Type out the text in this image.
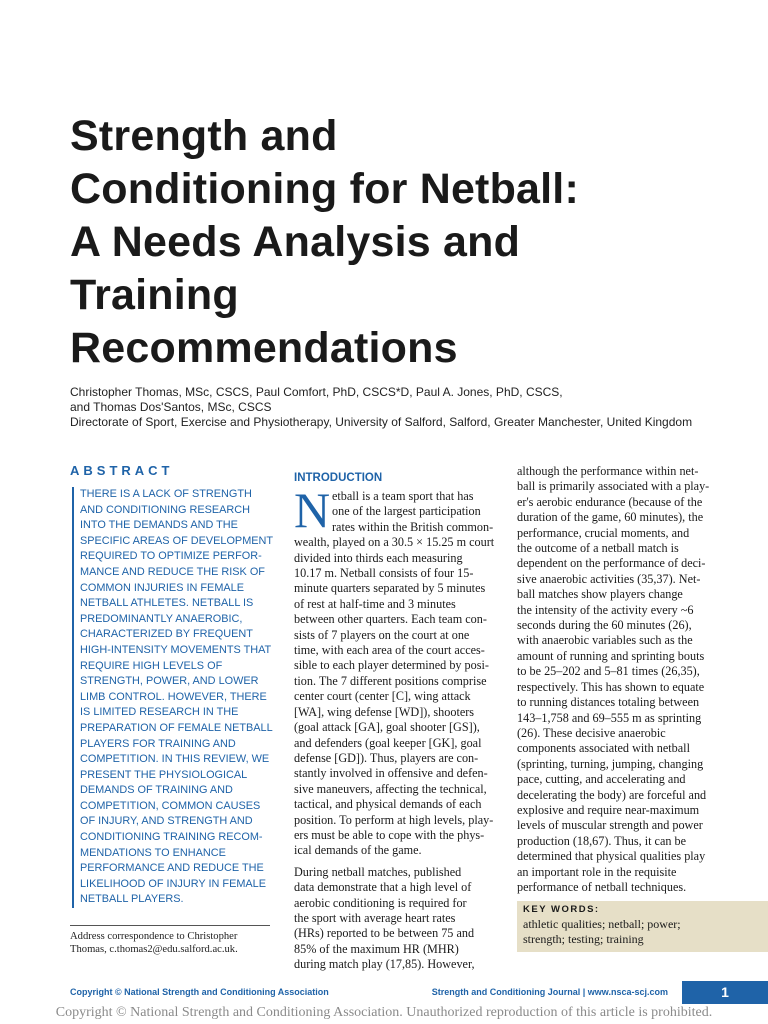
Strength and
Conditioning for Netball:
A Needs Analysis and
Training
Recommendations
Christopher Thomas, MSc, CSCS, Paul Comfort, PhD, CSCS*D, Paul A. Jones, PhD, CSCS,
and Thomas Dos'Santos, MSc, CSCS
Directorate of Sport, Exercise and Physiotherapy, University of Salford, Salford, Greater Manchester, United Kingdom
ABSTRACT
THERE IS A LACK OF STRENGTH
AND CONDITIONING RESEARCH
INTO THE DEMANDS AND THE
SPECIFIC AREAS OF DEVELOPMENT
REQUIRED TO OPTIMIZE PERFOR-
MANCE AND REDUCE THE RISK OF
COMMON INJURIES IN FEMALE
NETBALL ATHLETES. NETBALL IS
PREDOMINANTLY ANAEROBIC,
CHARACTERIZED BY FREQUENT
HIGH-INTENSITY MOVEMENTS THAT
REQUIRE HIGH LEVELS OF
STRENGTH, POWER, AND LOWER
LIMB CONTROL. HOWEVER, THERE
IS LIMITED RESEARCH IN THE
PREPARATION OF FEMALE NETBALL
PLAYERS FOR TRAINING AND
COMPETITION. IN THIS REVIEW, WE
PRESENT THE PHYSIOLOGICAL
DEMANDS OF TRAINING AND
COMPETITION, COMMON CAUSES
OF INJURY, AND STRENGTH AND
CONDITIONING TRAINING RECOM-
MENDATIONS TO ENHANCE
PERFORMANCE AND REDUCE THE
LIKELIHOOD OF INJURY IN FEMALE
NETBALL PLAYERS.
Address correspondence to Christopher
Thomas, c.thomas2@edu.salford.ac.uk.
INTRODUCTION
N etball is a team sport that has
one of the largest participation
rates within the British common-
wealth, played on a 30.5 × 15.25 m court
divided into thirds each measuring
10.17 m. Netball consists of four 15-
minute quarters separated by 5 minutes
of rest at half-time and 3 minutes
between other quarters. Each team con-
sists of 7 players on the court at one
time, with each area of the court acces-
sible to each player determined by posi-
tion. The 7 different positions comprise
center court (center [C], wing attack
[WA], wing defense [WD]), shooters
(goal attack [GA], goal shooter [GS]),
and defenders (goal keeper [GK], goal
defense [GD]). Thus, players are con-
stantly involved in offensive and defen-
sive maneuvers, affecting the technical,
tactical, and physical demands of each
position. To perform at high levels, play-
ers must be able to cope with the phys-
ical demands of the game.
During netball matches, published
data demonstrate that a high level of
aerobic conditioning is required for
the sport with average heart rates
(HRs) reported to be between 75 and
85% of the maximum HR (MHR)
during match play (17,85). However,
although the performance within net-
ball is primarily associated with a play-
er's aerobic endurance (because of the
duration of the game, 60 minutes), the
performance, crucial moments, and
the outcome of a netball match is
dependent on the performance of deci-
sive anaerobic activities (35,37). Net-
ball matches show players change
the intensity of the activity every ~6
seconds during the 60 minutes (26),
with anaerobic variables such as the
amount of running and sprinting bouts
to be 25–202 and 5–81 times (26,35),
respectively. This has shown to equate
to running distances totaling between
143–1,758 and 69–555 m as sprinting
(26). These decisive anaerobic
components associated with netball
(sprinting, turning, jumping, changing
pace, cutting, and accelerating and
decelerating the body) are forceful and
explosive and require near-maximum
levels of muscular strength and power
production (18,67). Thus, it can be
determined that physical qualities play
an important role in the requisite
performance of netball techniques.
KEY WORDS:
athletic qualities; netball; power;
strength; testing; training
Copyright © National Strength and Conditioning Association	Strength and Conditioning Journal | www.nsca-scj.com	1
Copyright © National Strength and Conditioning Association. Unauthorized reproduction of this article is prohibited.
